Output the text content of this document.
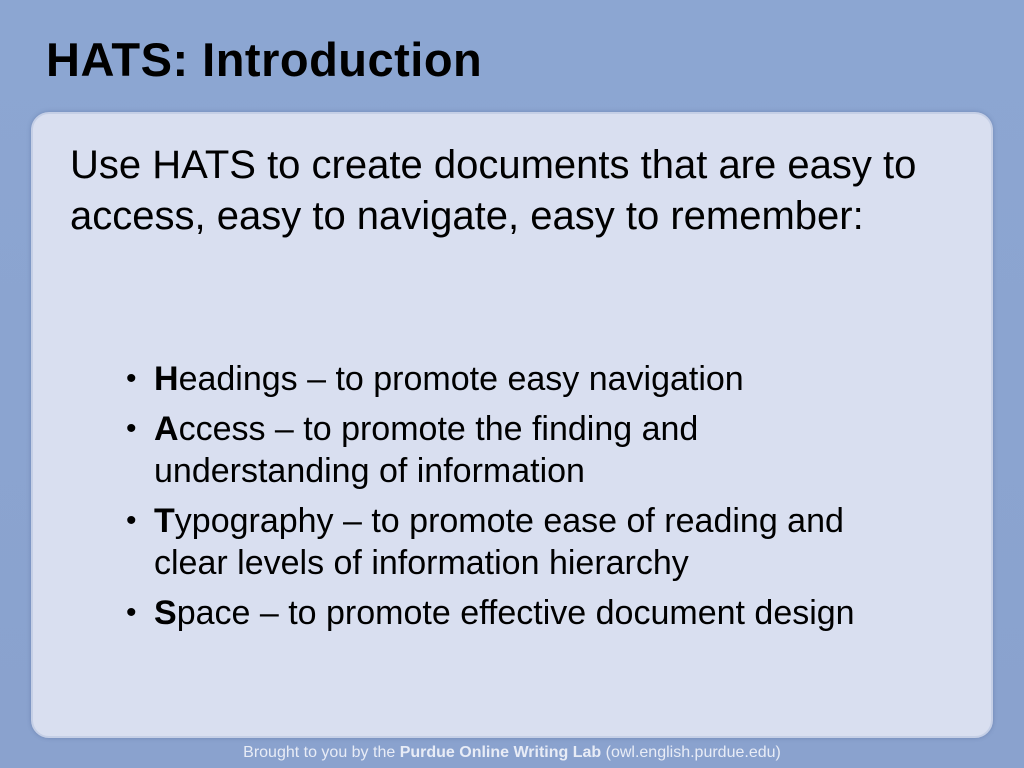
HATS: Introduction

Use HATS to create documents that are easy to access, easy to navigate, easy to remember:

• Headings – to promote easy navigation
• Access – to promote the finding and understanding of information
• Typography – to promote ease of reading and clear levels of information hierarchy
• Space – to promote effective document design
Brought to you by the Purdue Online Writing Lab (owl.english.purdue.edu)
